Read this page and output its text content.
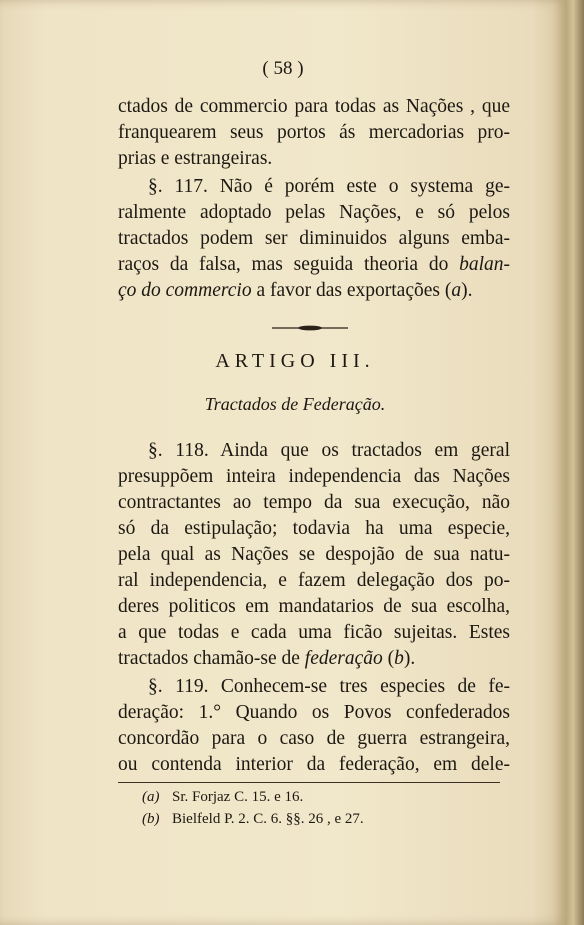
( 58 )
ctados de commercio para todas as Nações , que
franquearem seus portos ás mercadorias pro-
prias e estrangeiras.
§. 117. Não é porém este o systema ge-
ralmente adoptado pelas Nações, e só pelos
tractados podem ser diminuidos alguns emba-
raços da falsa, mas seguida theoria do balan-
ço do commercio a favor das exportações (a).
ARTIGO III.
Tractados de Federação.
§. 118. Ainda que os tractados em geral
presuppõem inteira independencia das Nações
contractantes ao tempo da sua execução, não
só da estipulação; todavia ha uma especie,
pela qual as Nações se despojão de sua natu-
ral independencia, e fazem delegação dos po-
deres politicos em mandatarios de sua escolha,
a que todas e cada uma ficão sujeitas. Estes
tractados chamão-se de federação (b).
§. 119. Conhecem-se tres especies de fe-
deração: 1.° Quando os Povos confederados
concordão para o caso de guerra estrangeira,
ou contenda interior da federação, em dele-
(a) Sr. Forjaz C. 15. e 16.
(b) Bielfeld P. 2. C. 6. §§. 26 , e 27.
